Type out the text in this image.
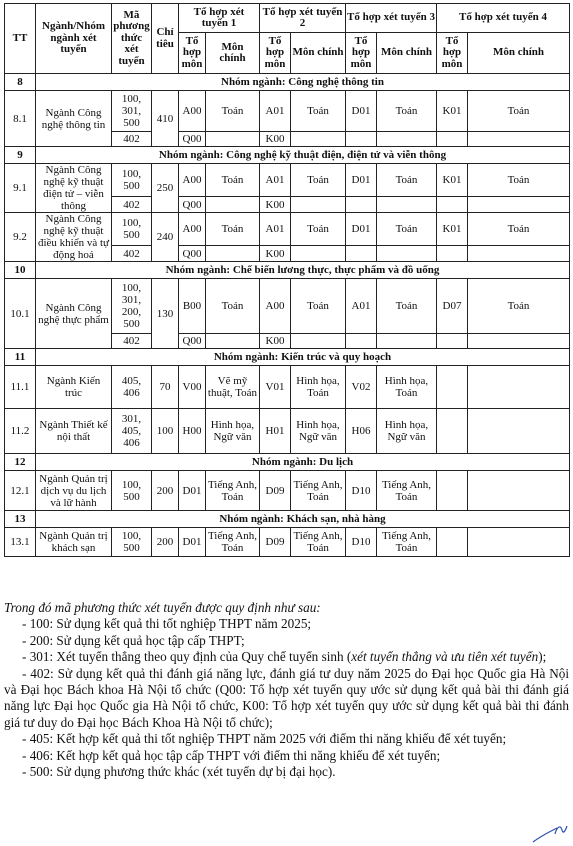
TT	Ngành/Nhóm ngành xét tuyển	Mã phương thức xét tuyển	Chỉ tiêu	Tổ hợp xét tuyển 1		Tổ hợp xét tuyển 2		Tổ hợp xét tuyển 3		Tổ hợp xét tuyển 4	
				Tổ hợp môn	Môn chính	Tổ hợp môn	Môn chính	Tổ hợp môn	Môn chính	Tổ hợp môn	Môn chính
8	Nhóm ngành: Công nghệ thông tin										
8.1	Ngành Công nghệ thông tin	100, 301, 500	410	A00	Toán	A01	Toán	D01	Toán	K01	Toán
		402		Q00		K00					
9	Nhóm ngành: Công nghệ kỹ thuật điện, điện tử và viễn thông										
9.1	Ngành Công nghệ kỹ thuật điện tử – viễn thông	100, 500	250	A00	Toán	A01	Toán	D01	Toán	K01	Toán
		402		Q00		K00					
9.2	Ngành Công nghệ kỹ thuật điều khiển và tự động hoá	100, 500	240	A00	Toán	A01	Toán	D01	Toán	K01	Toán
		402		Q00		K00					
10	Nhóm ngành: Chế biến lương thực, thực phẩm và đồ uống										
10.1	Ngành Công nghệ thực phẩm	100, 301, 200, 500	130	B00	Toán	A00	Toán	A01	Toán	D07	Toán
		402		Q00		K00					
11	Nhóm ngành: Kiến trúc và quy hoạch										
11.1	Ngành Kiến trúc	405, 406	70	V00	Vẽ mỹ thuật, Toán	V01	Hình họa, Toán	V02	Hình họa, Toán		
11.2	Ngành Thiết kế nội thất	301, 405, 406	100	H00	Hình họa, Ngữ văn	H01	Hình họa, Ngữ văn	H06	Hình họa, Ngữ văn		
12	Nhóm ngành: Du lịch										
12.1	Ngành Quản trị dịch vụ du lịch và lữ hành	100, 500	200	D01	Tiếng Anh, Toán	D09	Tiếng Anh, Toán	D10	Tiếng Anh, Toán		
13	Nhóm ngành: Khách sạn, nhà hàng										
13.1	Ngành Quản trị khách sạn	100, 500	200	D01	Tiếng Anh, Toán	D09	Tiếng Anh, Toán	D10	Tiếng Anh, Toán		

Trong đó mã phương thức xét tuyển được quy định như sau:

- 100: Sử dụng kết quả thi tốt nghiệp THPT năm 2025;

- 200: Sử dụng kết quả học tập cấp THPT;

- 301: Xét tuyển thẳng theo quy định của Quy chế tuyển sinh (xét tuyển thẳng và ưu tiên xét tuyển);

- 402: Sử dụng kết quả thi đánh giá năng lực, đánh giá tư duy năm 2025 do Đại học Quốc gia Hà Nội và Đại học Bách khoa Hà Nội tổ chức (Q00: Tổ hợp xét tuyển quy ước sử dụng kết quả bài thi đánh giá năng lực Đại học Quốc gia Hà Nội tổ chức, K00: Tổ hợp xét tuyển quy ước sử dụng kết quả bài thi đánh giá tư duy do Đại học Bách Khoa Hà Nội tổ chức);

- 405: Kết hợp kết quả thi tốt nghiệp THPT năm 2025 với điểm thi năng khiếu để xét tuyển;

- 406: Kết hợp kết quả học tập cấp THPT với điểm thi năng khiếu để xét tuyển;

- 500: Sử dụng phương thức khác (xét tuyển dự bị đại học).
